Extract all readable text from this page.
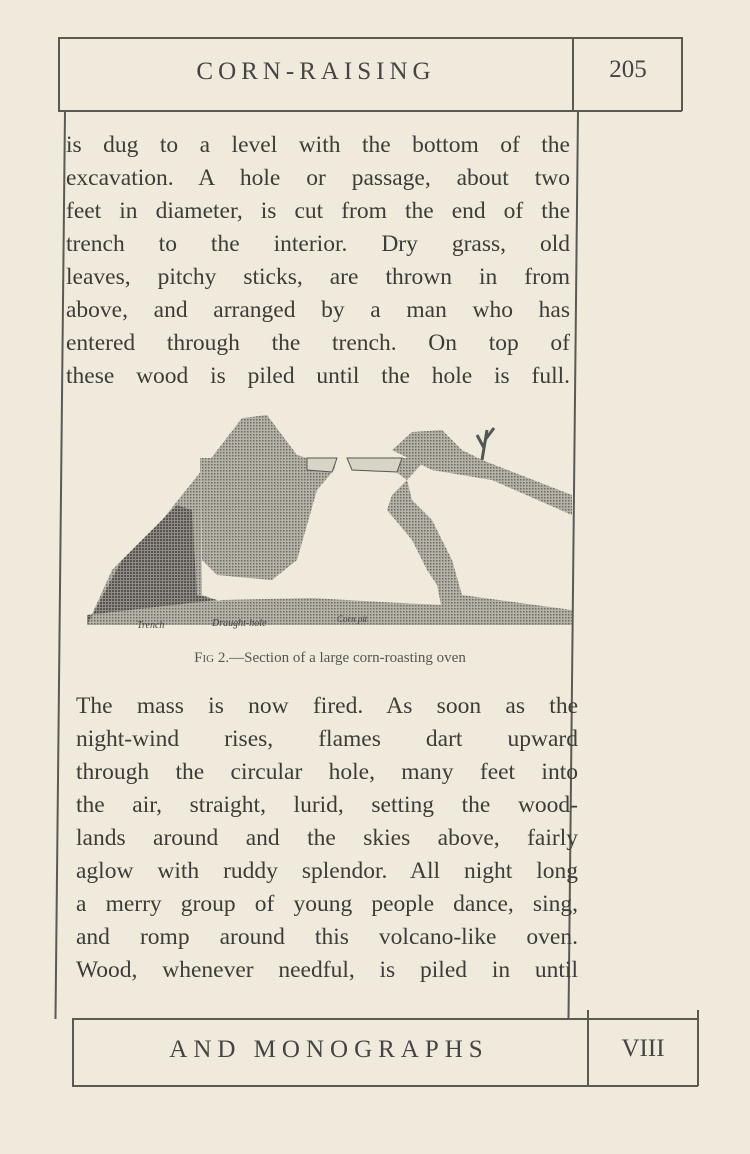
CORN-RAISING	205
is dug to a level with the bottom of the
excavation. A hole or passage, about two
feet in diameter, is cut from the end of the
trench to the interior. Dry grass, old
leaves, pitchy sticks, are thrown in from
above, and arranged by a man who has
entered through the trench. On top of
these wood is piled until the hole is full.
Trench	Draught-hole	Corn pit
Fig 2.—Section of a large corn-roasting oven
The mass is now fired. As soon as the
night-wind rises, flames dart upward
through the circular hole, many feet into
the air, straight, lurid, setting the wood-
lands around and the skies above, fairly
aglow with ruddy splendor. All night long
a merry group of young people dance, sing,
and romp around this volcano-like oven.
Wood, whenever needful, is piled in until
AND MONOGRAPHS	VIII
